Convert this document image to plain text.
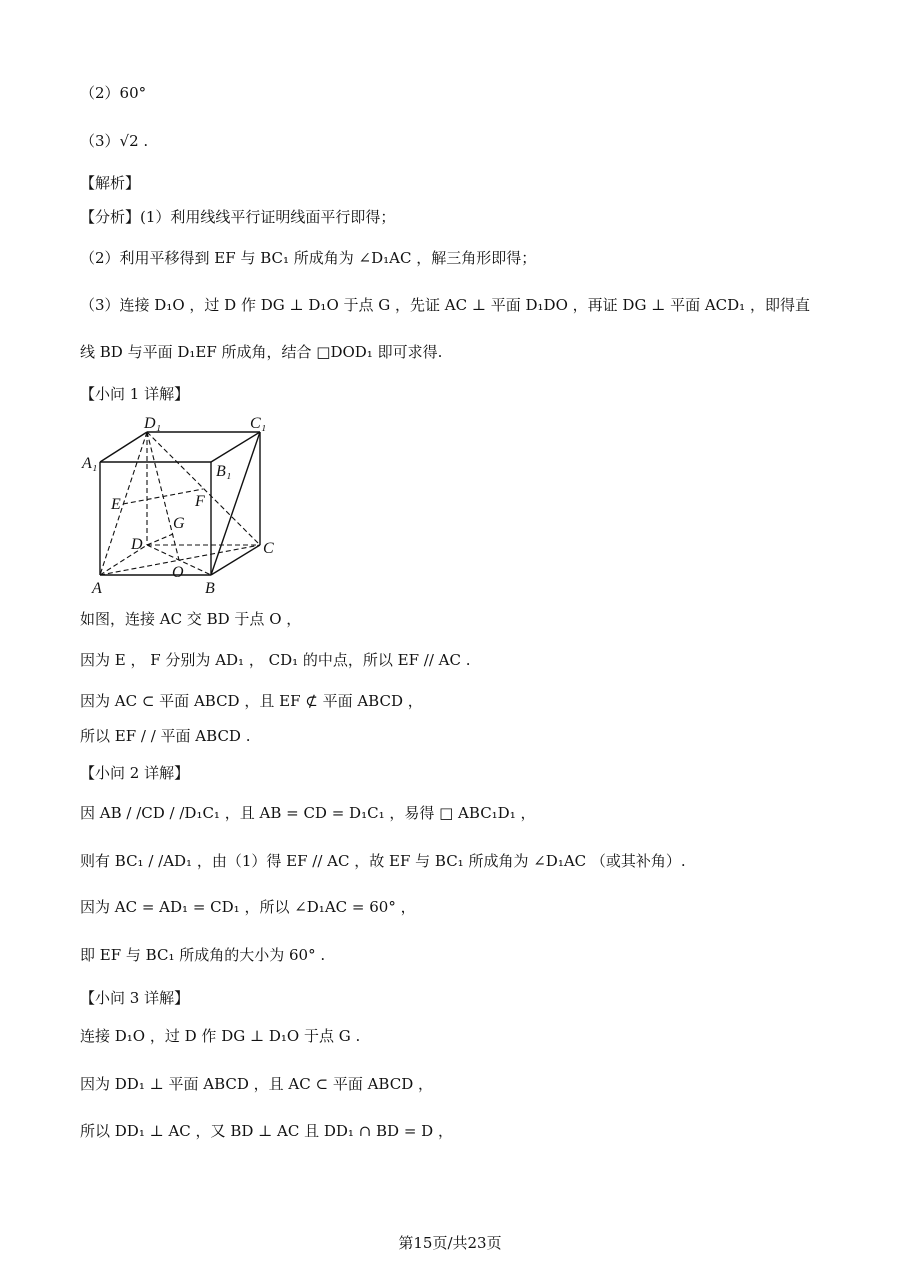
（2）60°
（3）√2 .
【解析】
【分析】(1）利用线线平行证明线面平行即得；
（2）利用平移得到 EF 与 BC₁ 所成角为 ∠D₁AC ，解三角形即得；
（3）连接 D₁O ，过 D 作 DG ⊥ D₁O 于点 G ，先证 AC ⊥ 平面 D₁DO ，再证 DG ⊥ 平面 ACD₁ ，即得直
线 BD 与平面 D₁EF 所成角，结合 □DOD₁ 即可求得.
【小问 1 详解】
D₁	C₁
A₁	B₁
E	F
G
D	C
O
A	B
如图，连接 AC 交 BD 于点 O ，
因为 E ， F 分别为 AD₁ ， CD₁ 的中点，所以 EF // AC .
因为 AC ⊂ 平面 ABCD ，且 EF ⊄ 平面 ABCD ，
所以 EF / / 平面 ABCD .
【小问 2 详解】
因 AB / /CD / /D₁C₁ ，且 AB = CD = D₁C₁ ，易得 □ ABC₁D₁ ，
则有 BC₁ / /AD₁ ，由（1）得 EF // AC ，故 EF 与 BC₁ 所成角为 ∠D₁AC （或其补角）.
因为 AC = AD₁ = CD₁ ，所以 ∠D₁AC = 60° ，
即 EF 与 BC₁ 所成角的大小为 60° .
【小问 3 详解】
连接 D₁O ，过 D 作 DG ⊥ D₁O 于点 G .
因为 DD₁ ⊥ 平面 ABCD ，且 AC ⊂ 平面 ABCD ，
所以 DD₁ ⊥ AC ，又 BD ⊥ AC 且 DD₁ ∩ BD = D ，
第15页/共23页
